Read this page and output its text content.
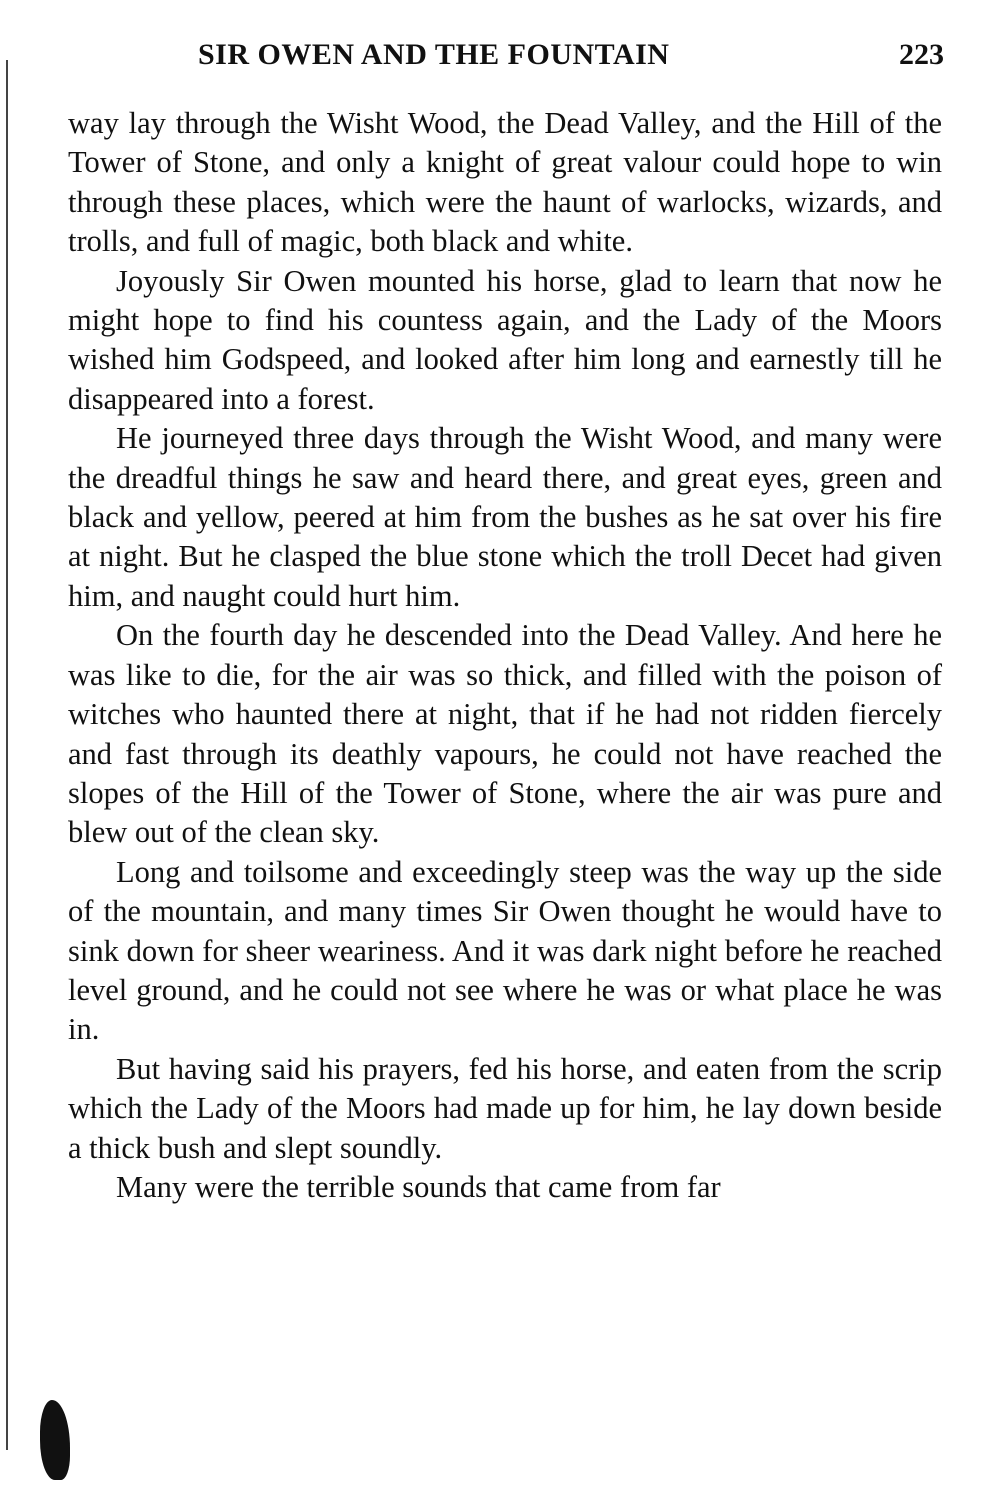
SIR OWEN AND THE FOUNTAIN	223

way lay through the Wisht Wood, the Dead Valley, and the Hill of the Tower of Stone, and only a knight of great valour could hope to win through these places, which were the haunt of warlocks, wizards, and trolls, and full of magic, both black and white.

Joyously Sir Owen mounted his horse, glad to learn that now he might hope to find his countess again, and the Lady of the Moors wished him Godspeed, and looked after him long and earnestly till he disappeared into a forest.

He journeyed three days through the Wisht Wood, and many were the dreadful things he saw and heard there, and great eyes, green and black and yellow, peered at him from the bushes as he sat over his fire at night. But he clasped the blue stone which the troll Decet had given him, and naught could hurt him.

On the fourth day he descended into the Dead Valley. And here he was like to die, for the air was so thick, and filled with the poison of witches who haunted there at night, that if he had not ridden fiercely and fast through its deathly vapours, he could not have reached the slopes of the Hill of the Tower of Stone, where the air was pure and blew out of the clean sky.

Long and toilsome and exceedingly steep was the way up the side of the mountain, and many times Sir Owen thought he would have to sink down for sheer weariness. And it was dark night before he reached level ground, and he could not see where he was or what place he was in.

But having said his prayers, fed his horse, and eaten from the scrip which the Lady of the Moors had made up for him, he lay down beside a thick bush and slept soundly.

Many were the terrible sounds that came from far
